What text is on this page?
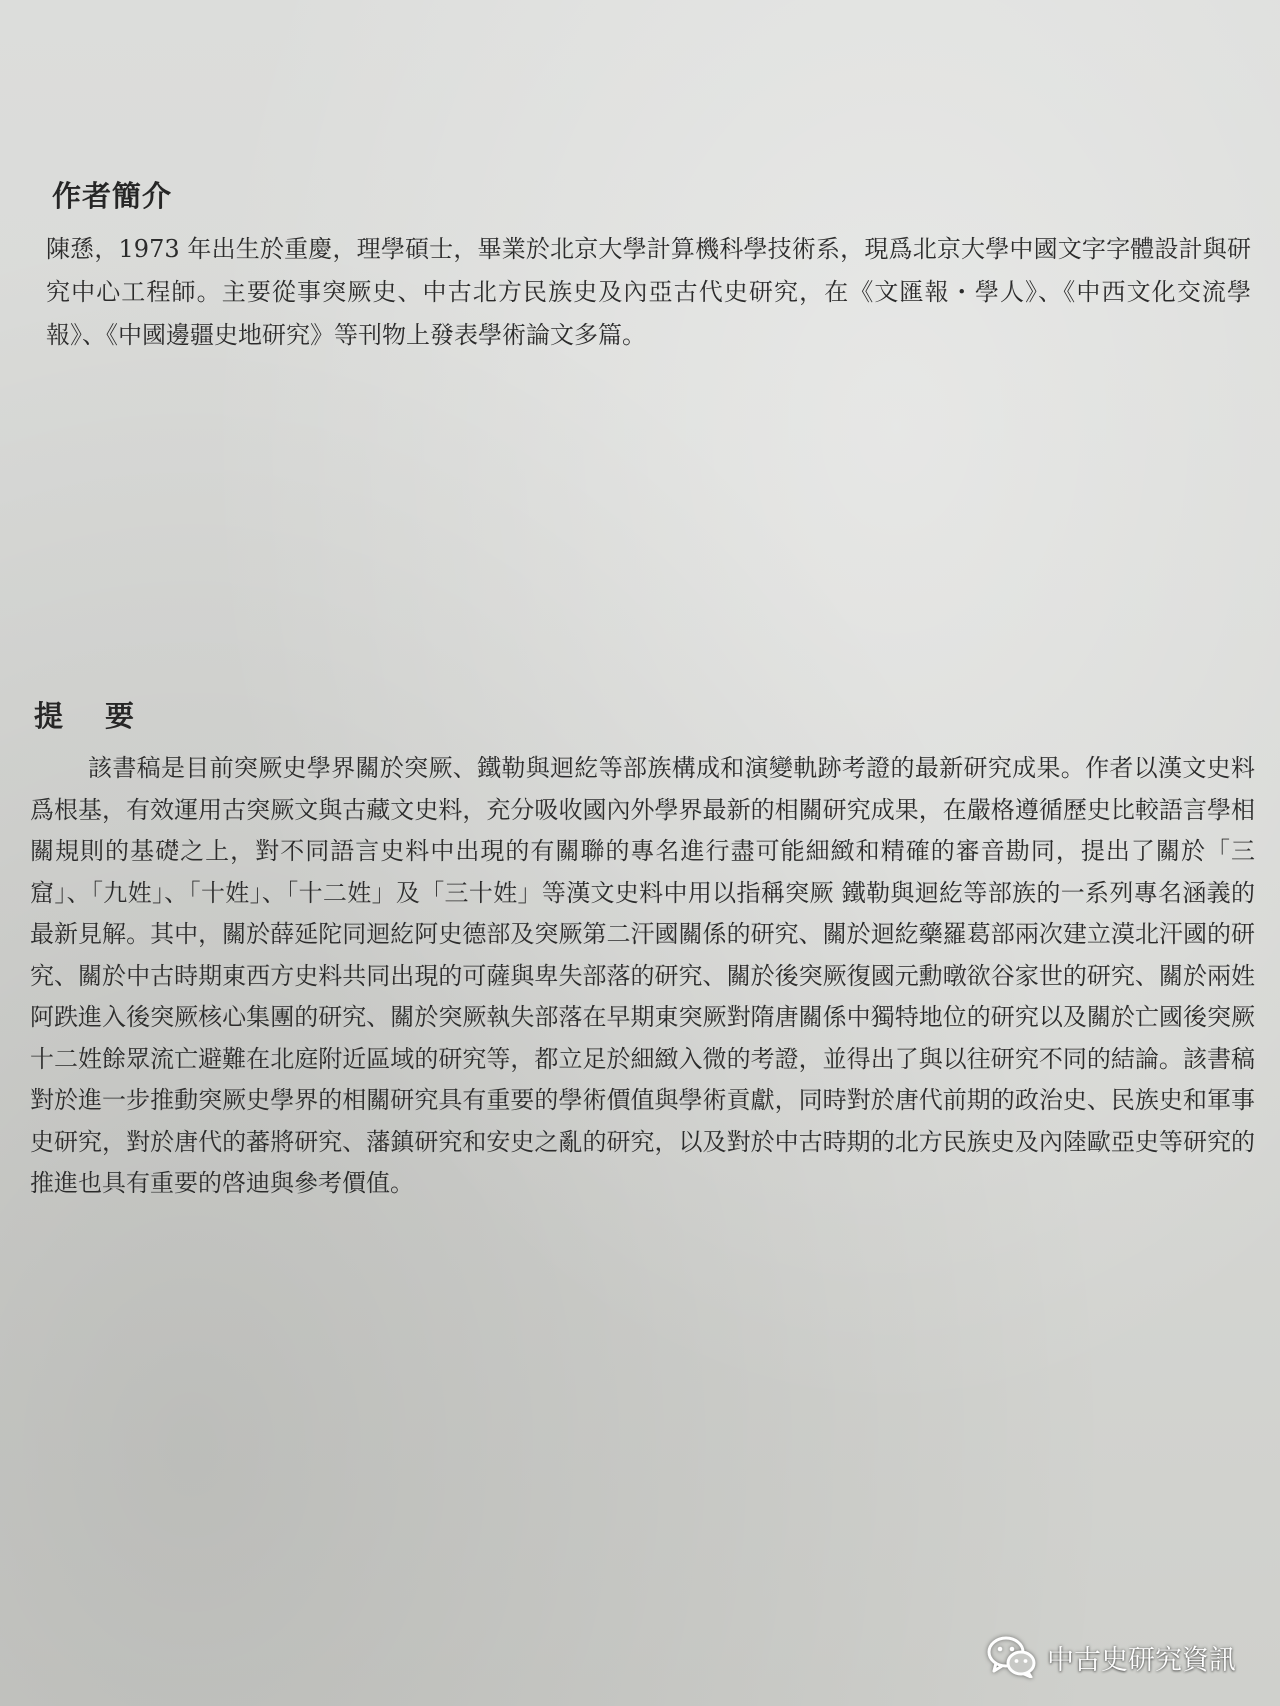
作者簡介

陳愻，1973 年出生於重慶，理學碩士，畢業於北京大學計算機科學技術系，現爲北京大學中國文字字體設計與研究中心工程師。主要從事突厥史、中古北方民族史及內亞古代史研究，在《文匯報・學人》、《中西文化交流學報》、《中國邊疆史地研究》等刊物上發表學術論文多篇。

提要

該書稿是目前突厥史學界關於突厥、鐵勒與迴紇等部族構成和演變軌跡考證的最新研究成果。作者以漢文史料爲根基，有效運用古突厥文與古藏文史料，充分吸收國內外學界最新的相關研究成果，在嚴格遵循歷史比較語言學相關規則的基礎之上，對不同語言史料中出現的有關聯的專名進行盡可能細緻和精確的審音勘同，提出了關於「三窟」、「九姓」、「十姓」、「十二姓」及「三十姓」等漢文史料中用以指稱突厥 鐵勒與迴紇等部族的一系列專名涵義的最新見解。其中，關於薛延陀同迴紇阿史德部及突厥第二汗國關係的研究、關於迴紇藥羅葛部兩次建立漠北汗國的研究、關於中古時期東西方史料共同出現的可薩與卑失部落的研究、關於後突厥復國元勳暾欲谷家世的研究、關於兩姓阿跌進入後突厥核心集團的研究、關於突厥執失部落在早期東突厥對隋唐關係中獨特地位的研究以及關於亡國後突厥十二姓餘眾流亡避難在北庭附近區域的研究等，都立足於細緻入微的考證，並得出了與以往研究不同的結論。該書稿對於進一步推動突厥史學界的相關研究具有重要的學術價值與學術貢獻，同時對於唐代前期的政治史、民族史和軍事史研究，對於唐代的蕃將研究、藩鎮研究和安史之亂的研究，以及對於中古時期的北方民族史及內陸歐亞史等研究的推進也具有重要的啓迪與參考價值。

中古史研究資訊
